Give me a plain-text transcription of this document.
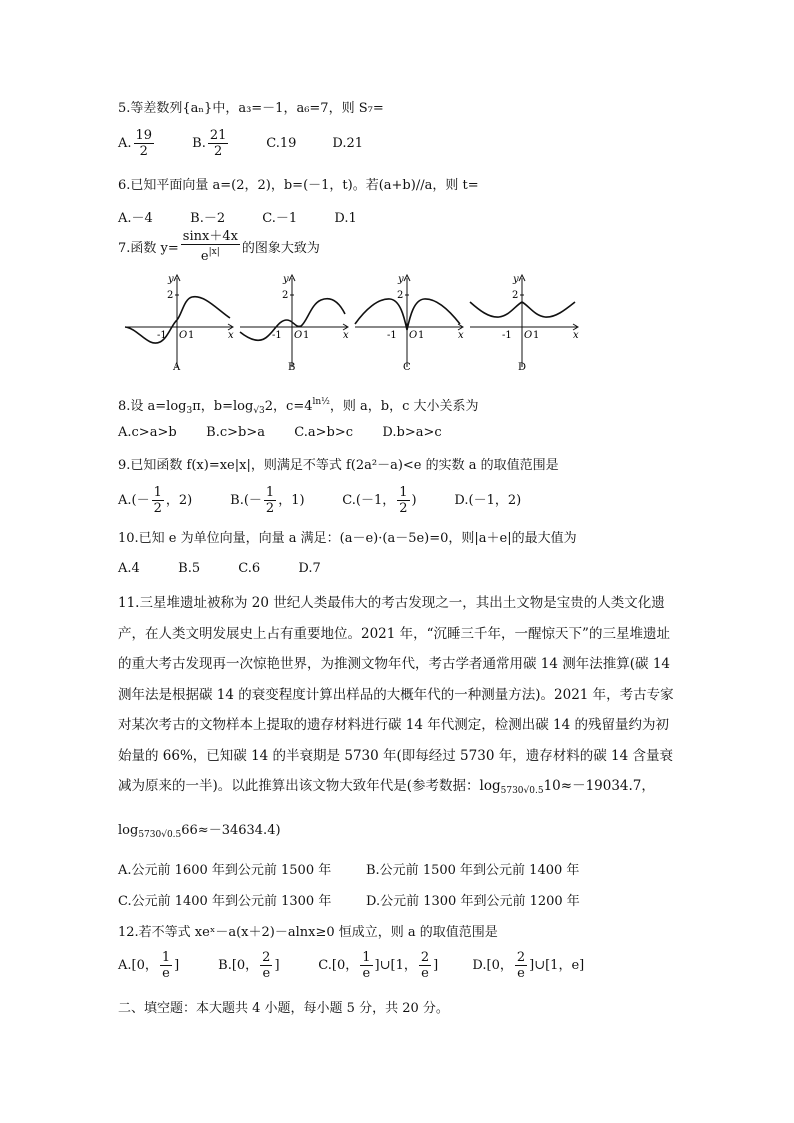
5.等差数列{aₙ}中，a₃=－1，a₆=7，则 S₇=
A. $\frac{19}{2}$	B. $\frac{21}{2}$	C.19	D.21
6.已知平面向量 a=(2，2)，b=(－1，t)。若(a+b)//a，则 t=
A.－4	B.－2	C.－1	D.1
7.函数 $y= \frac{\sin x+4x}{e^{|x|}}$ 的图象大致为
y
2
-1 O 1	x
A
y
2
-1 O 1	x
B
y
2
-1 O 1	x
C
y
2
-1 O 1	x
D
8.设 $a=\log_3\pi$，$b=\log_{√3}2$，$c=4^{ln\frac{1}{2}}$，则 a，b，c 大小关系为
A.c>a>b B.c>b>a C.a>b>c D.b>a>c
9.已知函数 f(x)=xe|x|，则满足不等式 f(2a²－a)<e 的实数 a 的取值范围是
$A.(- \frac{1}{2}$ ，2)	$B.(- \frac{1}{2}$ ，1)	C.(－1， $\frac{1}{2}$ )	D.(－1，2)
10.已知 e 为单位向量，向量 a 满足：(a－e)·(a－5e)=0，则|a＋e|的最大值为
A.4	B.5	C.6	D.7
11.三星堆遗址被称为 20 世纪人类最伟大的考古发现之一，其出土文物是宝贵的人类文化遗产，在人类文明发展史上占有重要地位。2021 年，“沉睡三千年，一醒惊天下”的三星堆遗址的重大考古发现再一次惊艳世界，为推测文物年代，考古学者通常用碳 14 测年法推算(碳 14 测年法是根据碳 14 的衰变程度计算出样品的大概年代的一种测量方法)。2021 年，考古专家对某次考古的文物样本上提取的遗存材料进行碳 14 年代测定，检测出碳 14 的残留量约为初始量的 66%，已知碳 14 的半衰期是 5730 年(即每经过 5730 年，遗存材料的碳 14 含量衰减为原来的一半)。以此推算出该文物大致年代是(参考数据：$\log_{5730√0.5}10\approx-19034.7$，
$\log_{5730√0.5}66\approx-34634.4$)
A.公元前 1600 年到公元前 1500 年	B.公元前 1500 年到公元前 1400 年
C.公元前 1400 年到公元前 1300 年	D.公元前 1300 年到公元前 1200 年
12.若不等式 xeˣ－a(x＋2)－alnx≥0 恒成立，则 a 的取值范围是
A.[0， $\frac{1}{e}$ ]	B.[0， $\frac{2}{e}$ ]	C.[0， $\frac{1}{e}$ ]∪[1， $\frac{2}{e}$ ]	D.[0， $\frac{2}{e}$ ]∪[1，e]
二、填空题：本大题共 4 小题，每小题 5 分，共 20 分。
